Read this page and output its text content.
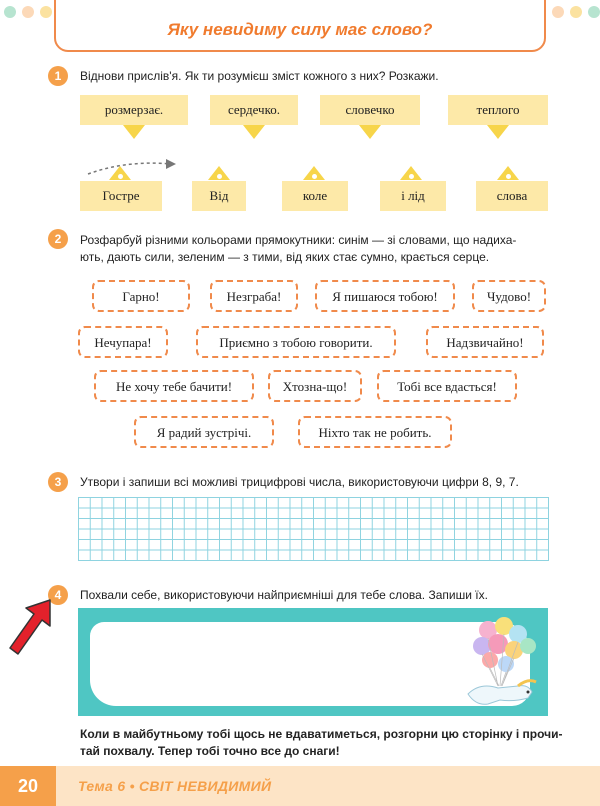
Яку невидиму силу має слово?
1	Віднови прислів'я. Як ти розумієш зміст кожного з них? Розкажи.
розмерзає.	сердечко.	словечко	теплого
Гостре	Від	коле	і лід	слова
2	Розфарбуй різними кольорами прямокутники: синім — зі словами, що надиха-
ють, дають сили, зеленим — з тими, від яких стає сумно, крається серце.
Гарно!	Незграба!	Я пишаюся тобою!	Чудово!
Нечупара!	Приємно з тобою говорити.	Надзвичайно!
Не хочу тебе бачити!	Хтозна-що!	Тобі все вдасться!
Я радий зустрічі.	Ніхто так не робить.
3	Утвори і запиши всі можливі трицифрові числа, використовуючи цифри 8, 9, 7.
4	Похвали себе, використовуючи найприємніші для тебе слова. Запиши їх.
Коли в майбутньому тобі щось не вдаватиметься, розгорни цю сторінку і прочи-
тай похвалу. Тепер тобі точно все до снаги!
20	Тема 6 • СВІТ НЕВИДИМИЙ
